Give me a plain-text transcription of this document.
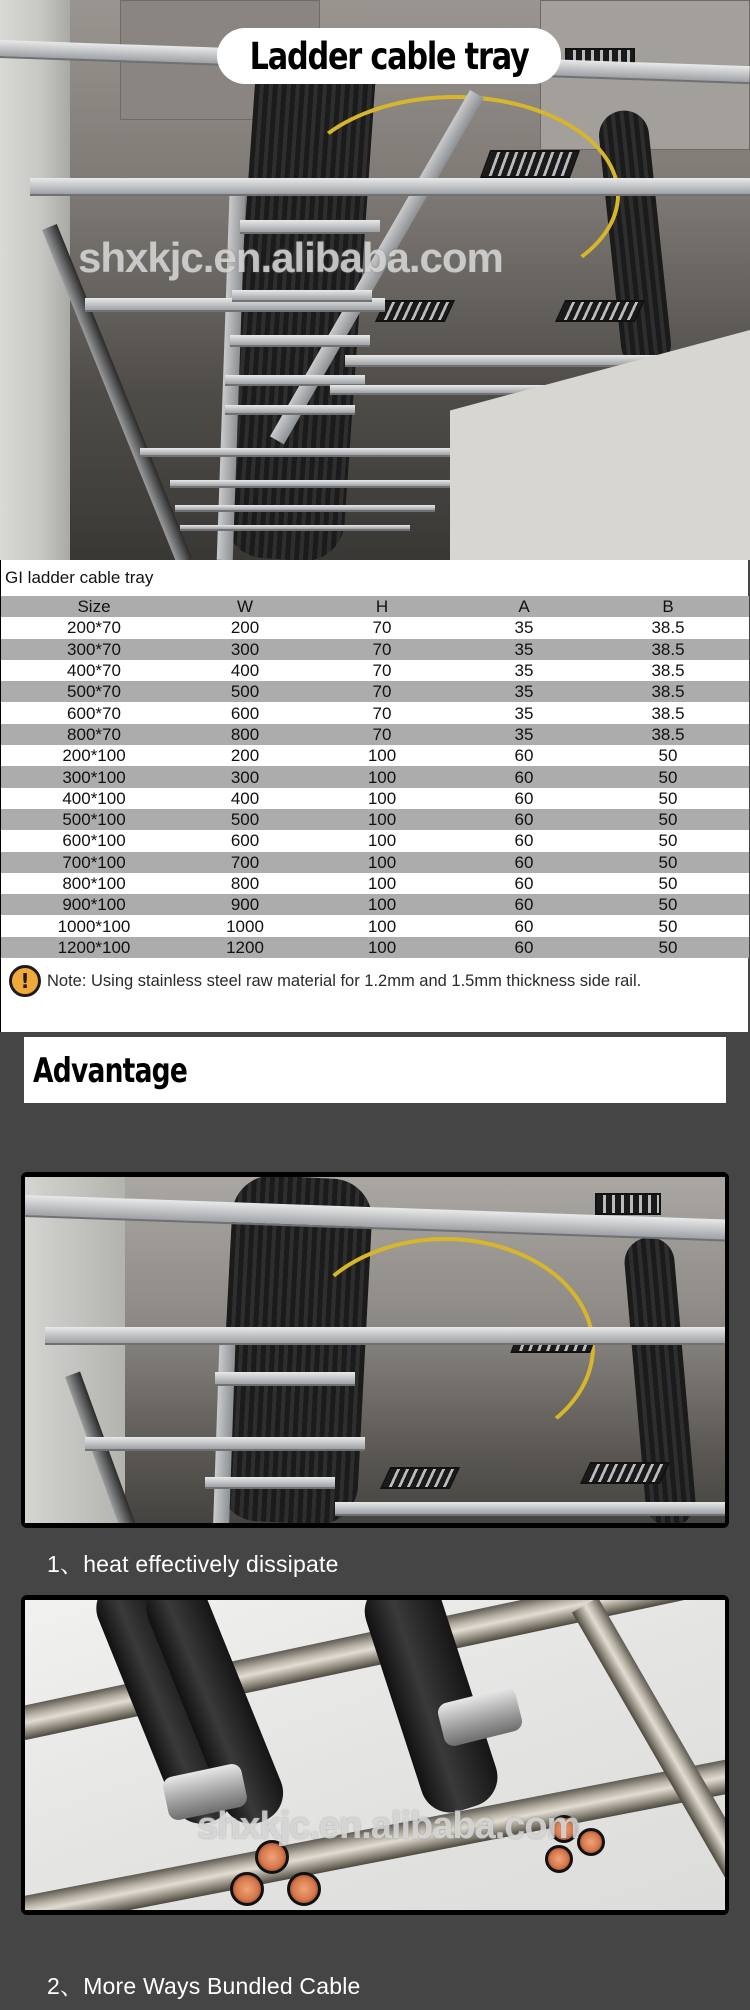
shxkjc.en.alibaba.com
Ladder cable tray
GI ladder cable tray
Size	W	H	A	B
200*70	200	70	35	38.5
300*70	300	70	35	38.5
400*70	400	70	35	38.5
500*70	500	70	35	38.5
600*70	600	70	35	38.5
800*70	800	70	35	38.5
200*100	200	100	60	50
300*100	300	100	60	50
400*100	400	100	60	50
500*100	500	100	60	50
600*100	600	100	60	50
700*100	700	100	60	50
800*100	800	100	60	50
900*100	900	100	60	50
1000*100	1000	100	60	50
1200*100	1200	100	60	50
!	Note: Using stainless steel raw material for 1.2mm and 1.5mm thickness side rail.
Advantage
1、heat effectively dissipate
shxkjc.en.alibaba.com
2、More Ways Bundled Cable
